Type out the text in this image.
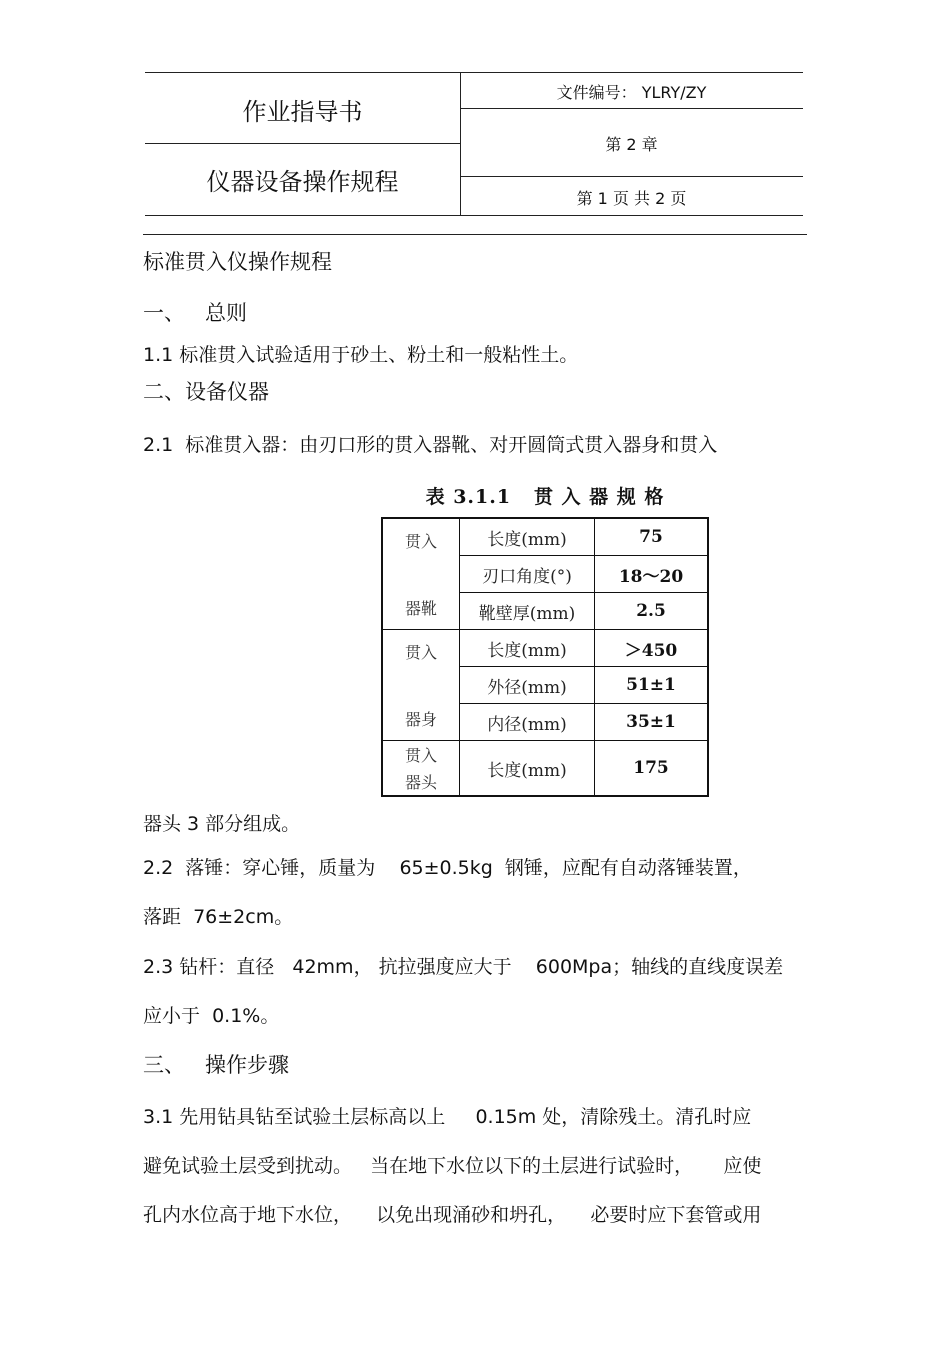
作业指导书
仪器设备操作规程
文件编号： YLRY/ZY
第 2 章
第 1 页 共 2 页
标准贯入仪操作规程
一、   总则
1.1 标准贯入试验适用于砂土、粉土和一般粘性土。
二、设备仪器
2.1  标准贯入器：由刃口形的贯入器靴、对开圆筒式贯入器身和贯入
表 3.1.1   贯 入 器 规 格
贯入
器靴	长度(mm)	75
	刃口角度(°)	18～20
	靴壁厚(mm)	2.5

贯入
器身	长度(mm)	＞450
	外径(mm)	51±1
	内径(mm)	35±1

贯入
器头	长度(mm)	175
器头 3 部分组成。
2.2  落锤：穿心锤，质量为    65±0.5kg  钢锤，应配有自动落锤装置，
落距  76±2cm。
2.3 钻杆：直径   42mm， 抗拉强度应大于    600Mpa；轴线的直线度误差
应小于  0.1%。
三、   操作步骤
3.1 先用钻具钻至试验土层标高以上     0.15m 处，清除残土。清孔时应
避免试验土层受到扰动。   当在地下水位以下的土层进行试验时，     应使
孔内水位高于地下水位，    以免出现涌砂和坍孔，    必要时应下套管或用
